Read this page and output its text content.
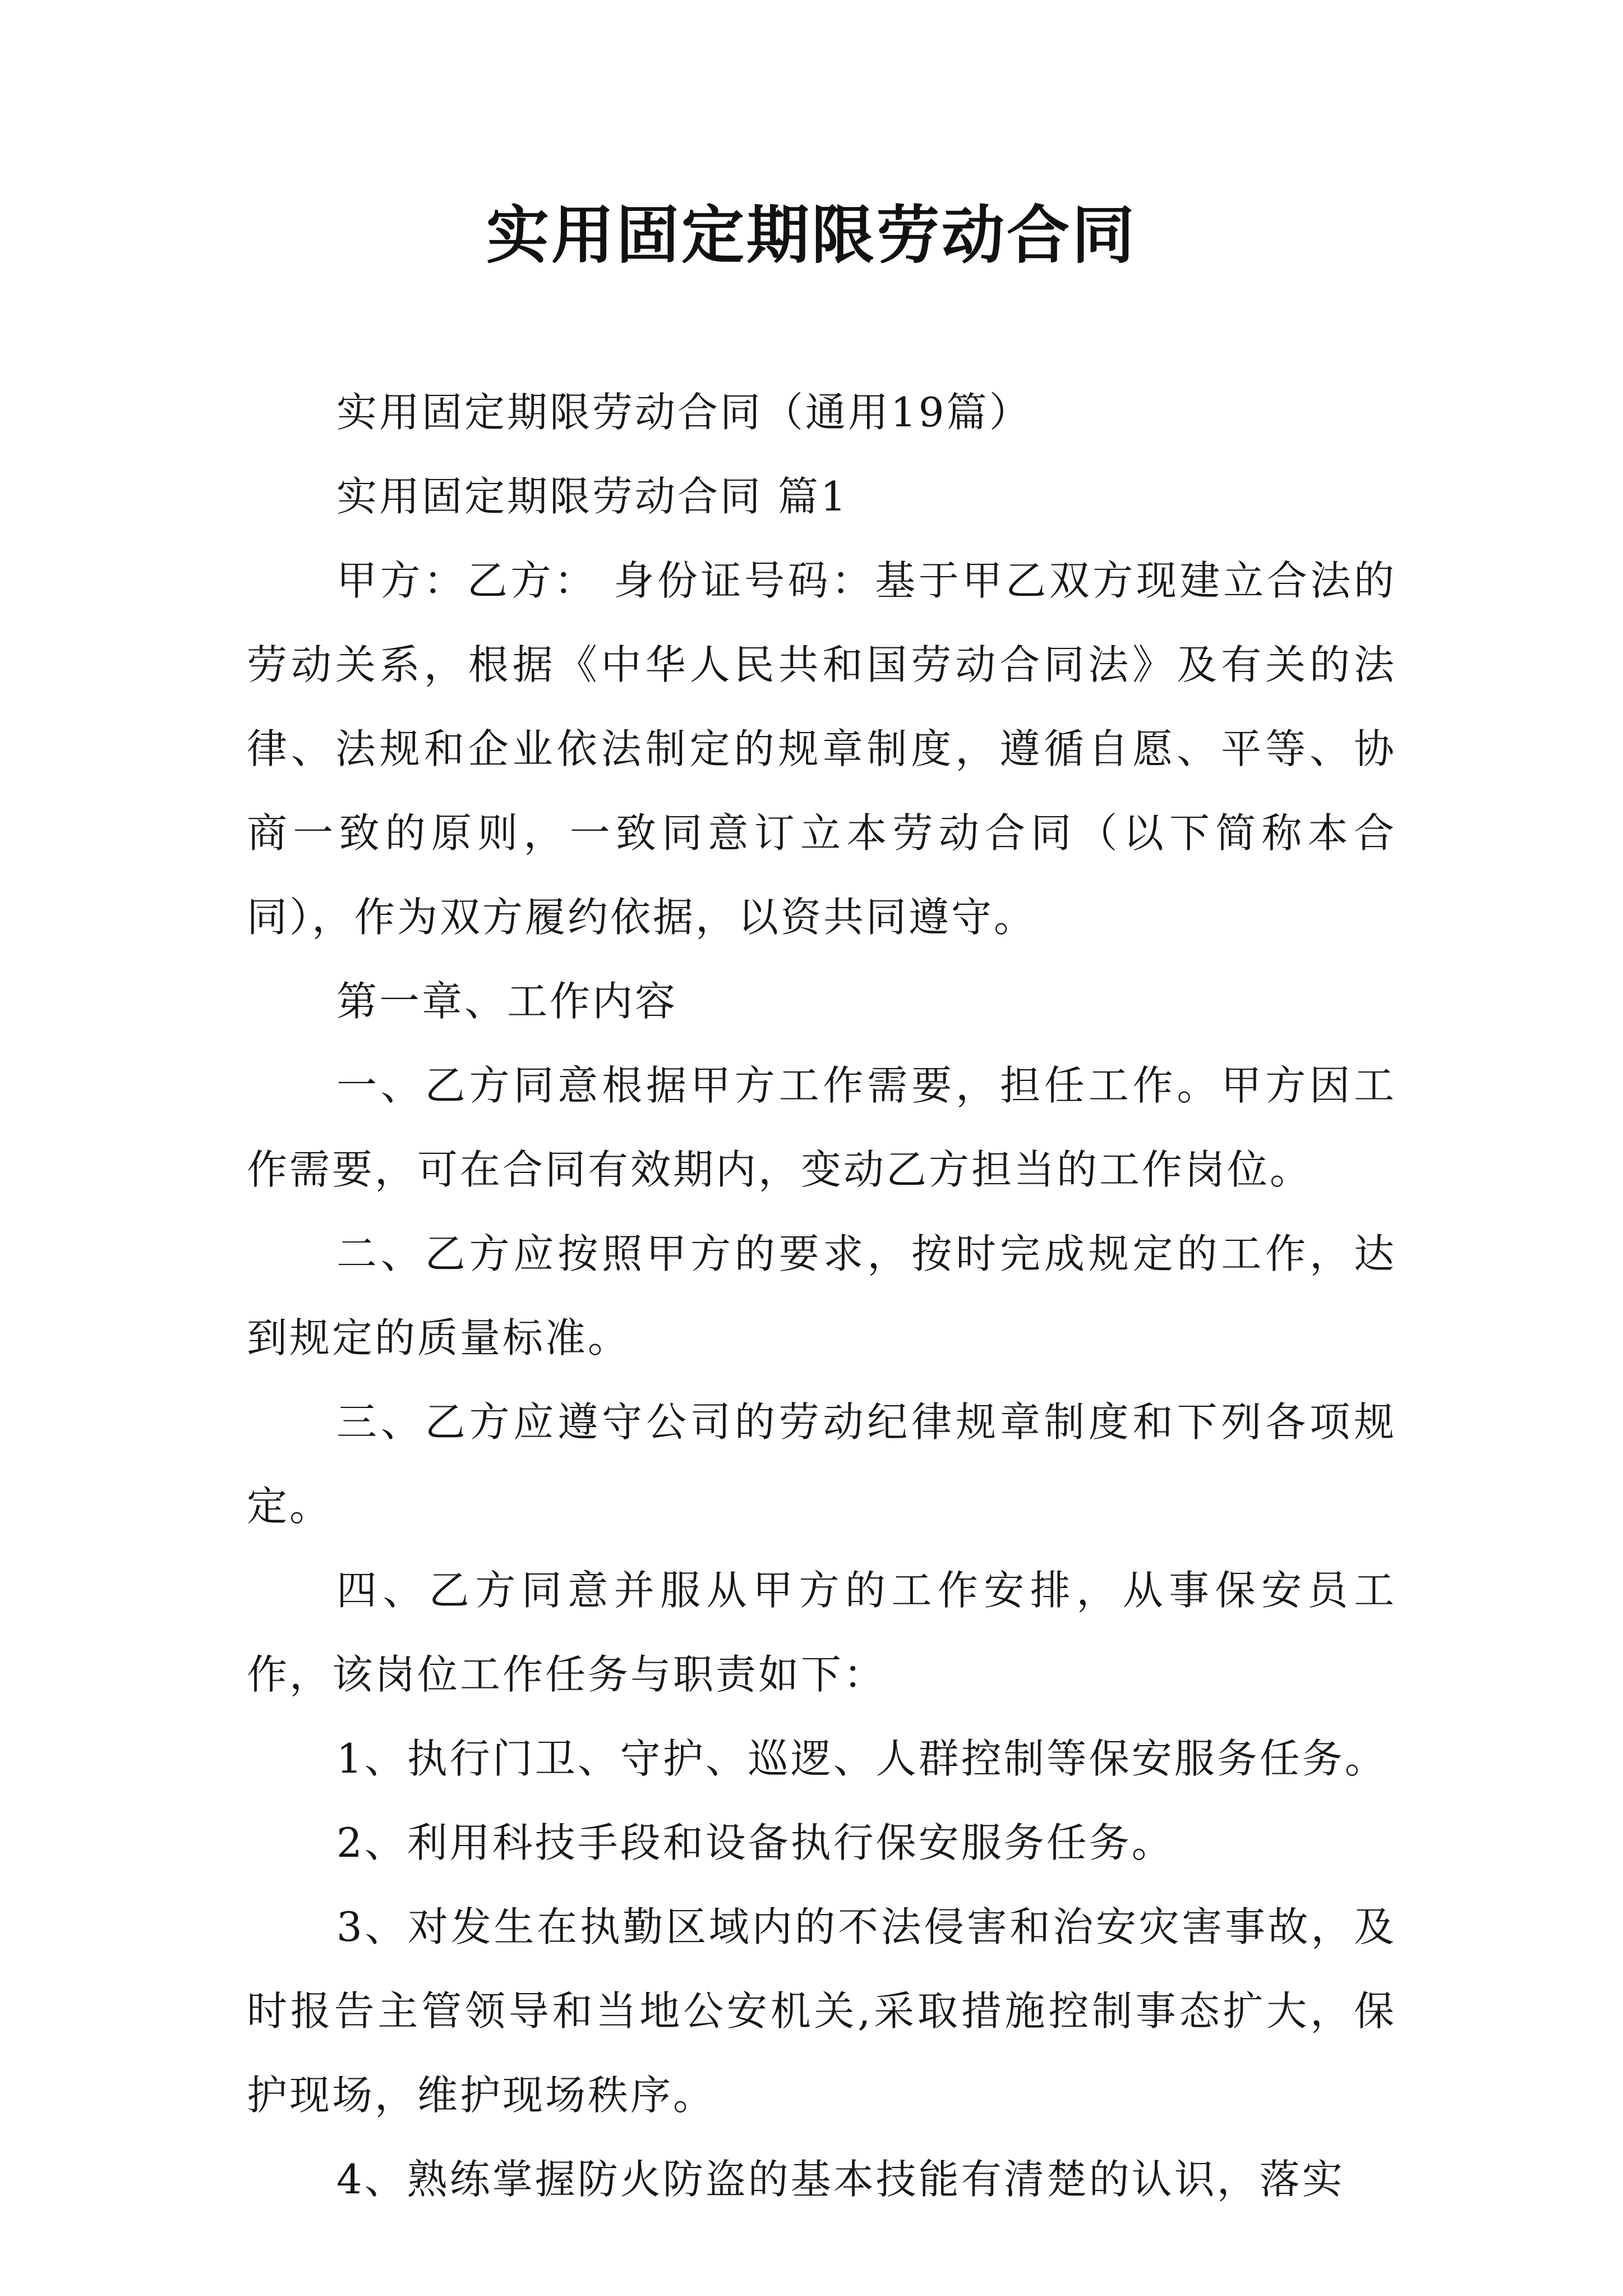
实用固定期限劳动合同

实用固定期限劳动合同（通用19篇）

实用固定期限劳动合同 篇1

甲方：乙方： 身份证号码：基于甲乙双方现建立合法的劳动关系，根据《中华人民共和国劳动合同法》及有关的法律、法规和企业依法制定的规章制度，遵循自愿、平等、协商一致的原则，一致同意订立本劳动合同（以下简称本合同），作为双方履约依据，以资共同遵守。

第一章、工作内容

一、乙方同意根据甲方工作需要，担任工作。甲方因工作需要，可在合同有效期内，变动乙方担当的工作岗位。

二、乙方应按照甲方的要求，按时完成规定的工作，达到规定的质量标准。

三、乙方应遵守公司的劳动纪律规章制度和下列各项规定。

四、乙方同意并服从甲方的工作安排，从事保安员工作，该岗位工作任务与职责如下：

1、执行门卫、守护、巡逻、人群控制等保安服务任务。

2、利用科技手段和设备执行保安服务任务。

3、对发生在执勤区域内的不法侵害和治安灾害事故，及时报告主管领导和当地公安机关,采取措施控制事态扩大，保护现场，维护现场秩序。

4、熟练掌握防火防盗的基本技能有清楚的认识，落实
